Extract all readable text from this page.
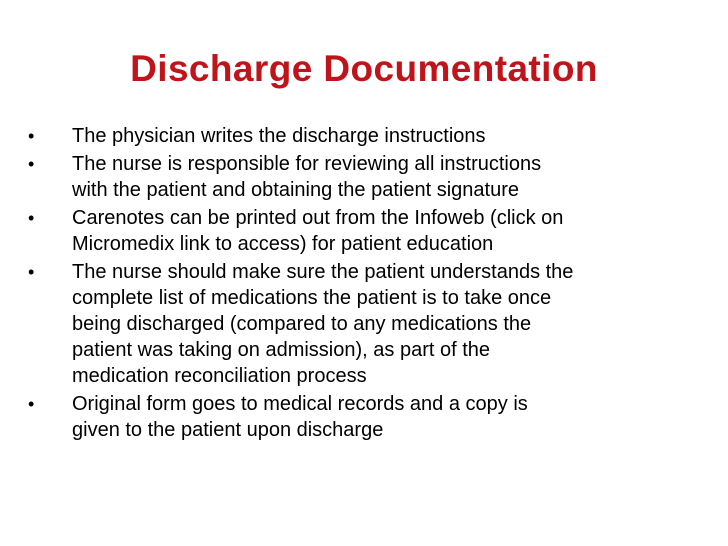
Discharge Documentation
•	The physician writes the discharge instructions
•	The nurse is responsible for reviewing all instructions
with the patient and obtaining the patient signature
•	Carenotes can be printed out from the Infoweb (click on
Micromedix link to access) for patient education
•	The nurse should make sure the patient understands the
complete list of medications the patient is to take once
being discharged (compared to any medications the
patient was taking on admission), as part of the
medication reconciliation process
•	Original form goes to medical records and a copy is
given to the patient upon discharge
